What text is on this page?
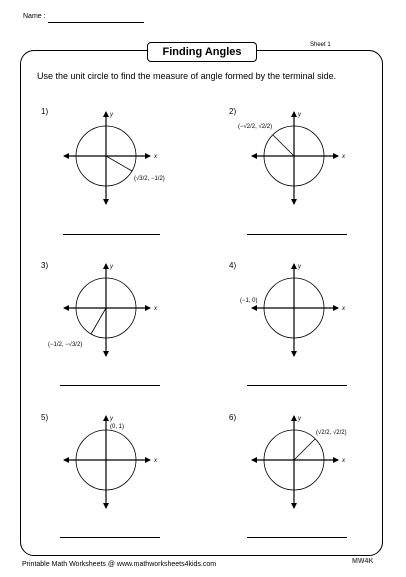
Name :
Finding Angles
Sheet 1
Use the unit circle to find the measure of angle formed by the terminal side.
1)
x
y
(√3/2, −1/2)
2)
x
y
(−√2/2, √2/2)
3)
x
y
(−1/2, −√3/2)
4)
x
y
(−1, 0)
5)
x
y
(0, 1)
6)
x
y
(√2/2, √2/2)
Printable Math Worksheets @ www.mathworksheets4kids.com	MW4K
